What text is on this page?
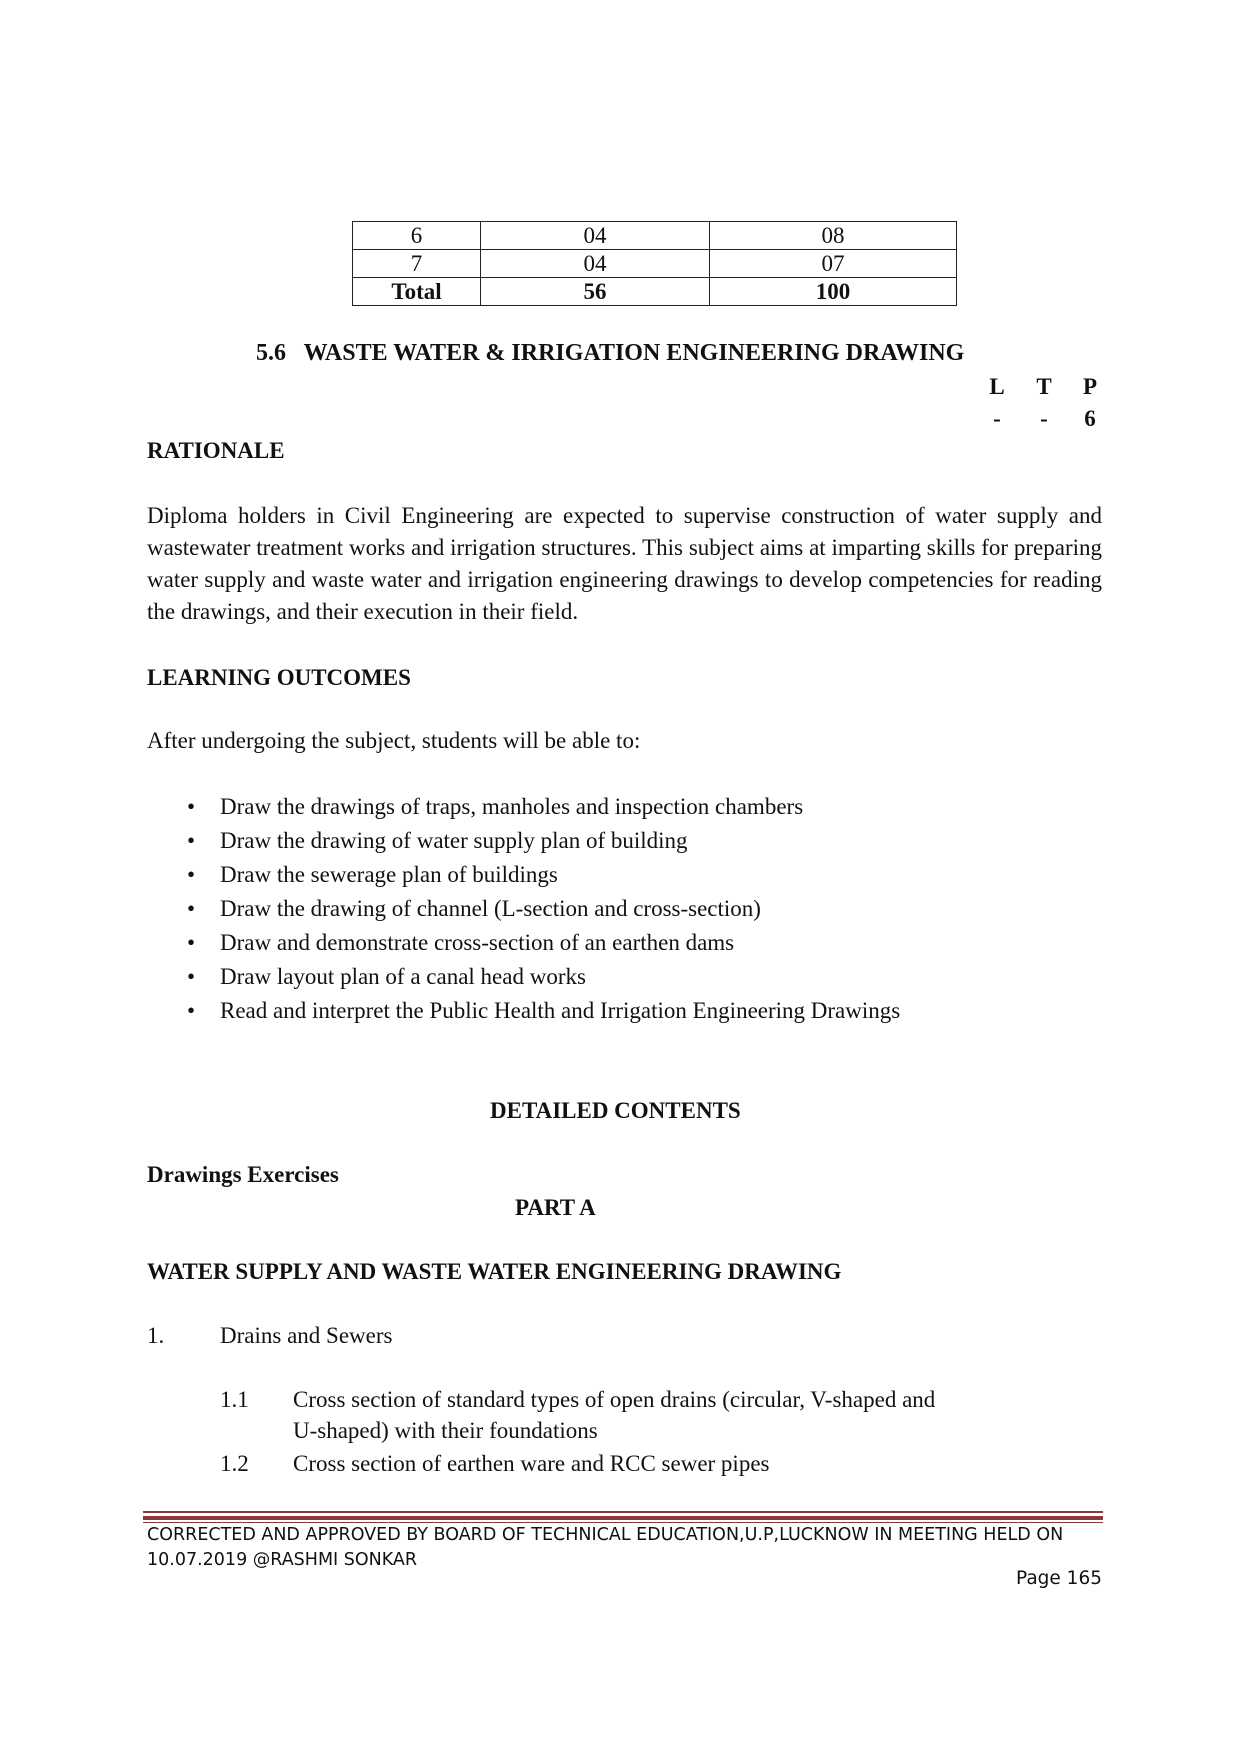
6	04	08
7	04	07
Total	56	100
5.6   WASTE WATER & IRRIGATION ENGINEERING DRAWING
L	T	P
-	-	6
RATIONALE
Diploma holders in Civil Engineering are expected to supervise construction of water supply and wastewater treatment works and irrigation structures. This subject aims at imparting skills for preparing water supply and waste water and irrigation engineering drawings to develop competencies for reading the drawings, and their execution in their field.
LEARNING OUTCOMES
After undergoing the subject, students will be able to:
• Draw the drawings of traps, manholes and inspection chambers
• Draw the drawing of water supply plan of building
• Draw the sewerage plan of buildings
• Draw the drawing of channel (L-section and cross-section)
• Draw and demonstrate cross-section of an earthen dams
• Draw layout plan of a canal head works
• Read and interpret the Public Health and Irrigation Engineering Drawings
DETAILED CONTENTS
Drawings Exercises
PART A
WATER SUPPLY AND WASTE WATER ENGINEERING DRAWING
1. Drains and Sewers
1.1 Cross section of standard types of open drains (circular, V-shaped and
U-shaped) with their foundations
1.2 Cross section of earthen ware and RCC sewer pipes
CORRECTED AND APPROVED BY BOARD OF TECHNICAL EDUCATION,U.P,LUCKNOW IN MEETING HELD ON
10.07.2019 @RASHMI SONKAR
Page 165
